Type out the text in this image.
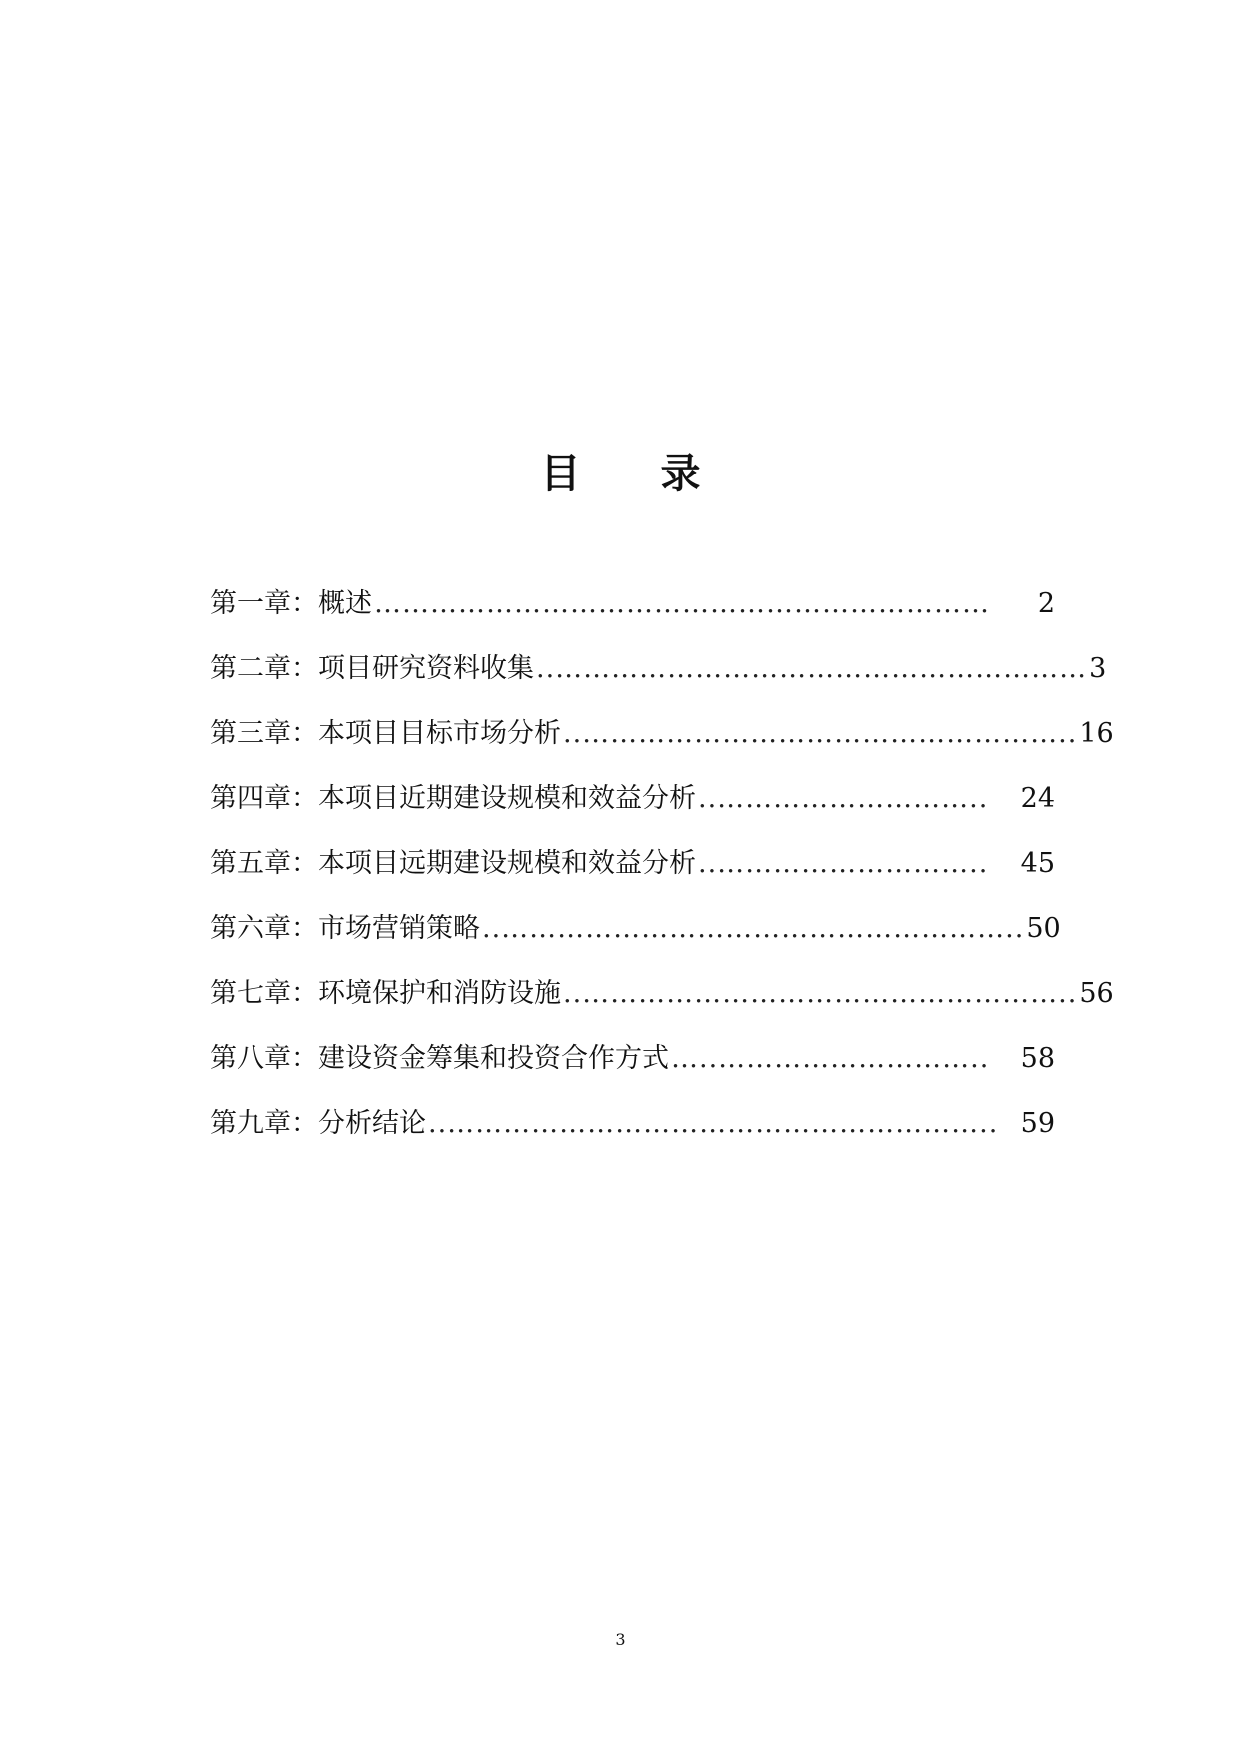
目 录
第一章：概述 …………………………………………………………	2
第二章：项目研究资料收集 ..………………………………………………… 3
第三章：本项目目标市场分析 ..…………………………………………….. 16
第四章：本项目近期建设规模和效益分析 ..………………………..	24
第五章：本项目远期建设规模和效益分析 ..………………………..	45
第六章：市场营销策略 ..……………………………………………….. 50
第七章：环境保护和消防设施 ..…………………………………………….. 56
第八章：建设资金筹集和投资合作方式 …..………………………..	58
第九章：分析结论 ..………………………………………………….. 59
3
